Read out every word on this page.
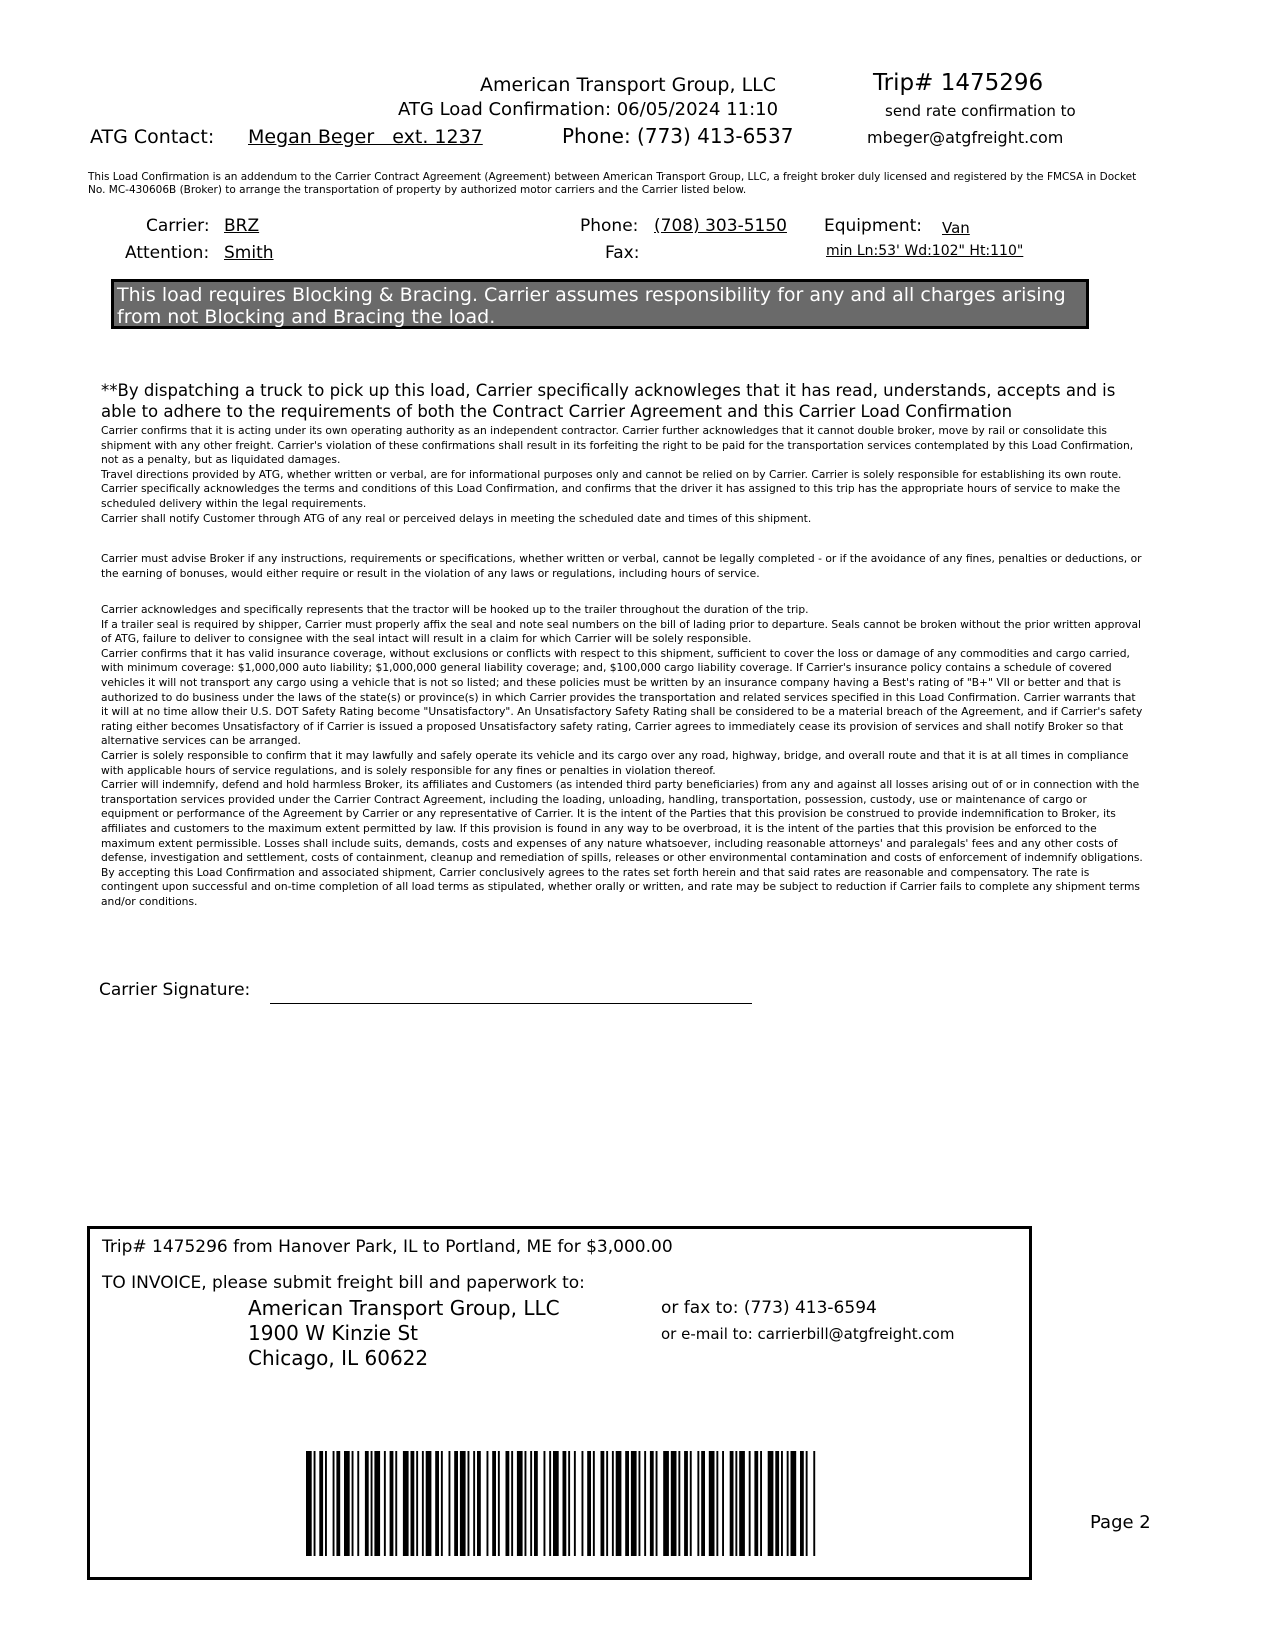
American Transport Group, LLC
ATG Load Confirmation: 06/05/2024 11:10
Trip# 1475296
send rate confirmation to
ATG Contact: Megan Beger   ext. 1237	Phone: (773) 413-6537	mbeger@atgfreight.com
This Load Confirmation is an addendum to the Carrier Contract Agreement (Agreement) between American Transport Group, LLC, a freight broker duly licensed and registered by the FMCSA in Docket No. MC-430606B (Broker) to arrange the transportation of property by authorized motor carriers and the Carrier listed below.
Carrier: BRZ
Attention: Smith
Phone: (708) 303-5150
Fax:
Equipment: Van
min Ln:53' Wd:102" Ht:110"
This load requires Blocking & Bracing. Carrier assumes responsibility for any and all charges arising from not Blocking and Bracing the load.
**By dispatching a truck to pick up this load, Carrier specifically acknowleges that it has read, understands, accepts and is able to adhere to the requirements of both the Contract Carrier Agreement and this Carrier Load Confirmation

Carrier confirms that it is acting under its own operating authority as an independent contractor. Carrier further acknowledges that it cannot double broker, move by rail or consolidate this shipment with any other freight. Carrier's violation of these confirmations shall result in its forfeiting the right to be paid for the transportation services contemplated by this Load Confirmation, not as a penalty, but as liquidated damages.

Travel directions provided by ATG, whether written or verbal, are for informational purposes only and cannot be relied on by Carrier. Carrier is solely responsible for establishing its own route.

Carrier specifically acknowledges the terms and conditions of this Load Confirmation, and confirms that the driver it has assigned to this trip has the appropriate hours of service to make the scheduled delivery within the legal requirements.

Carrier shall notify Customer through ATG of any real or perceived delays in meeting the scheduled date and times of this shipment.

Carrier must advise Broker if any instructions, requirements or specifications, whether written or verbal, cannot be legally completed - or if the avoidance of any fines, penalties or deductions, or the earning of bonuses, would either require or result in the violation of any laws or regulations, including hours of service.

Carrier acknowledges and specifically represents that the tractor will be hooked up to the trailer throughout the duration of the trip.

If a trailer seal is required by shipper, Carrier must properly affix the seal and note seal numbers on the bill of lading prior to departure. Seals cannot be broken without the prior written approval of ATG, failure to deliver to consignee with the seal intact will result in a claim for which Carrier will be solely responsible.

Carrier confirms that it has valid insurance coverage, without exclusions or conflicts with respect to this shipment, sufficient to cover the loss or damage of any commodities and cargo carried, with minimum coverage: $1,000,000 auto liability; $1,000,000 general liability coverage; and, $100,000 cargo liability coverage. If Carrier's insurance policy contains a schedule of covered vehicles it will not transport any cargo using a vehicle that is not so listed; and these policies must be written by an insurance company having a Best's rating of "B+" VII or better and that is authorized to do business under the laws of the state(s) or province(s) in which Carrier provides the transportation and related services specified in this Load Confirmation. Carrier warrants that it will at no time allow their U.S. DOT Safety Rating become "Unsatisfactory". An Unsatisfactory Safety Rating shall be considered to be a material breach of the Agreement, and if Carrier's safety rating either becomes Unsatisfactory of if Carrier is issued a proposed Unsatisfactory safety rating, Carrier agrees to immediately cease its provision of services and shall notify Broker so that alternative services can be arranged.

Carrier is solely responsible to confirm that it may lawfully and safely operate its vehicle and its cargo over any road, highway, bridge, and overall route and that it is at all times in compliance with applicable hours of service regulations, and is solely responsible for any fines or penalties in violation thereof.

Carrier will indemnify, defend and hold harmless Broker, its affiliates and Customers (as intended third party beneficiaries) from any and against all losses arising out of or in connection with the transportation services provided under the Carrier Contract Agreement, including the loading, unloading, handling, transportation, possession, custody, use or maintenance of cargo or equipment or performance of the Agreement by Carrier or any representative of Carrier. It is the intent of the Parties that this provision be construed to provide indemnification to Broker, its affiliates and customers to the maximum extent permitted by law. If this provision is found in any way to be overbroad, it is the intent of the parties that this provision be enforced to the maximum extent permissible. Losses shall include suits, demands, costs and expenses of any nature whatsoever, including reasonable attorneys' and paralegals' fees and any other costs of defense, investigation and settlement, costs of containment, cleanup and remediation of spills, releases or other environmental contamination and costs of enforcement of indemnify obligations.

By accepting this Load Confirmation and associated shipment, Carrier conclusively agrees to the rates set forth herein and that said rates are reasonable and compensatory. The rate is contingent upon successful and on-time completion of all load terms as stipulated, whether orally or written, and rate may be subject to reduction if Carrier fails to complete any shipment terms and/or conditions.

Carrier Signature:
Trip# 1475296 from Hanover Park, IL to Portland, ME for $3,000.00
TO INVOICE, please submit freight bill and paperwork to:
American Transport Group, LLC
1900 W Kinzie St
Chicago, IL 60622
or fax to: (773) 413-6594
or e-mail to: carrierbill@atgfreight.com
Page 2
